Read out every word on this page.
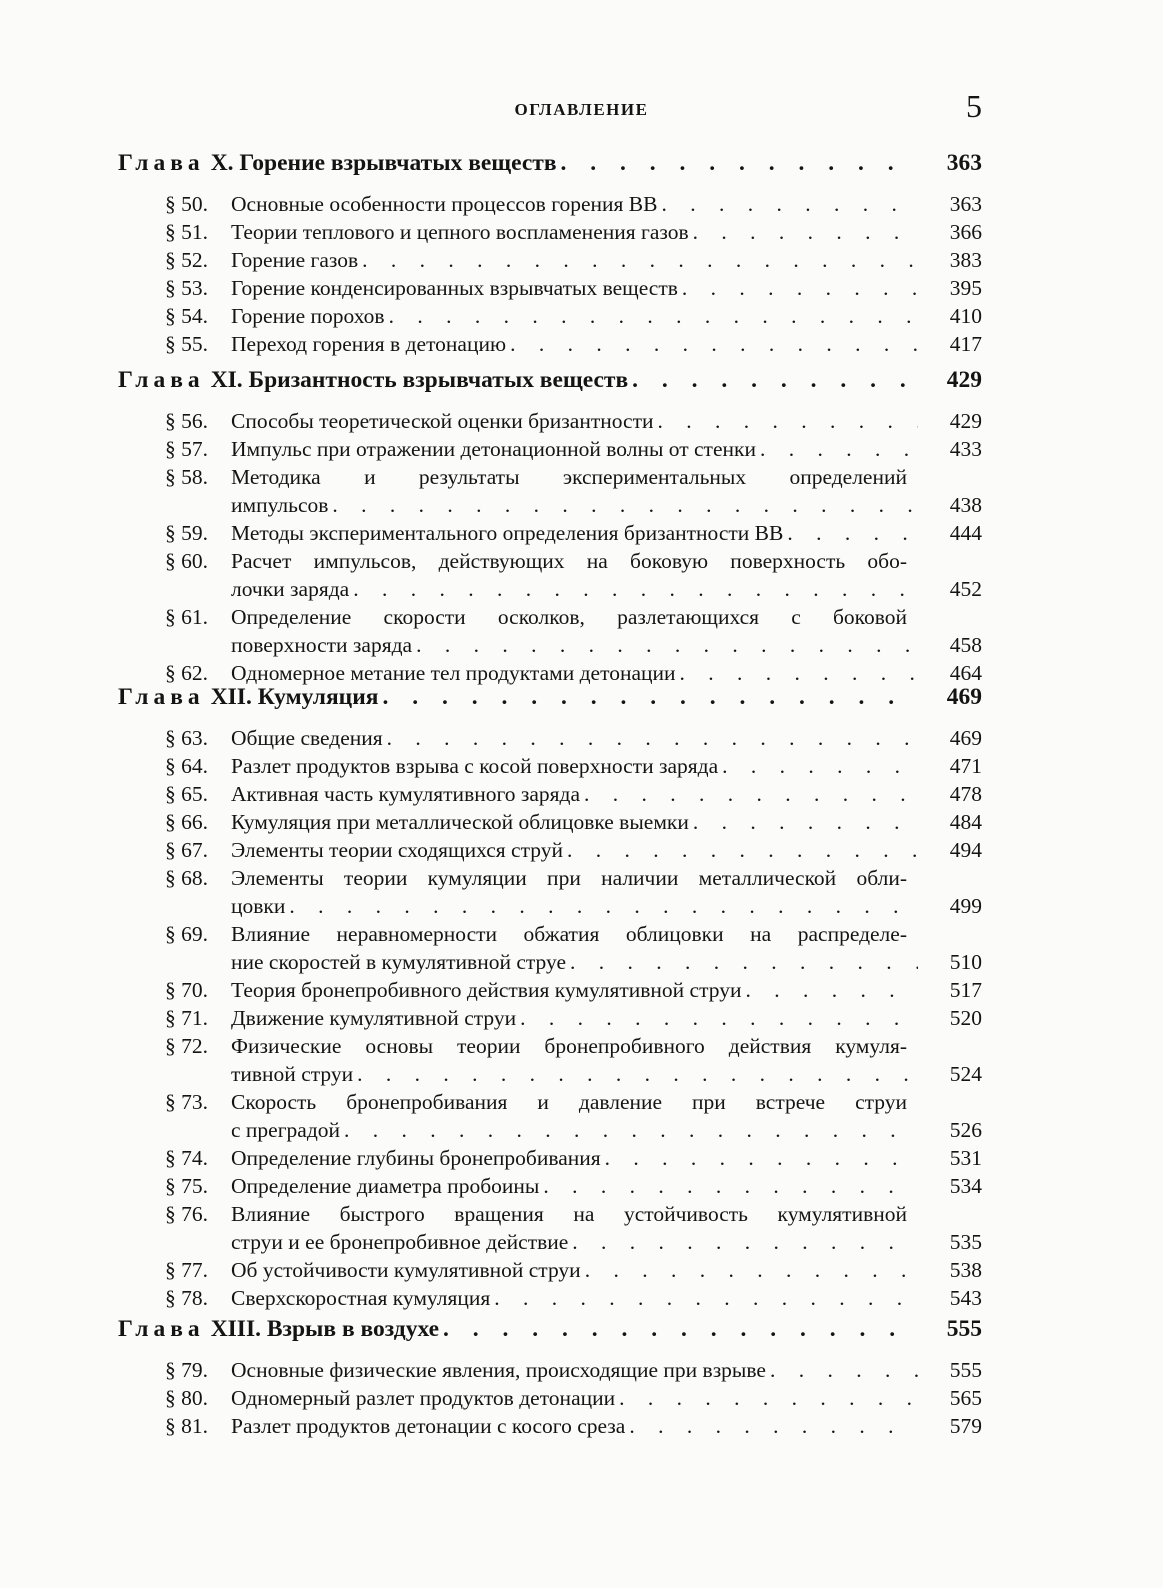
ОГЛАВЛЕНИЕ	5
Глава X. Горение взрывчатых веществ . . .	363
§ 50.	Основные особенности процессов горения ВВ . . .	363
§ 51.	Теории теплового и цепного воспламенения газов . . .	366
§ 52.	Горение газов . . .	383
§ 53.	Горение конденсированных взрывчатых веществ . . .	395
§ 54.	Горение порохов . . .	410
§ 55.	Переход горения в детонацию . . .	417
Глава XI. Бризантность взрывчатых веществ . . .	429
§ 56.	Способы теоретической оценки бризантности . . .	429
§ 57.	Импульс при отражении детонационной волны от стенки . . .	433
§ 58.	Методика и результаты экспериментальных определений
импульсов . . .	438
§ 59.	Методы экспериментального определения бризантности ВВ . . .	444
§ 60.	Расчет импульсов, действующих на боковую поверхность обо-
лочки заряда . . .	452
§ 61.	Определение скорости осколков, разлетающихся с боковой
поверхности заряда . . .	458
§ 62.	Одномерное метание тел продуктами детонации . . .	464
Глава XII. Кумуляция . . .	469
§ 63.	Общие сведения . . .	469
§ 64.	Разлет продуктов взрыва с косой поверхности заряда . . .	471
§ 65.	Активная часть кумулятивного заряда . . .	478
§ 66.	Кумуляция при металлической облицовке выемки . . .	484
§ 67.	Элементы теории сходящихся струй . . .	494
§ 68.	Элементы теории кумуляции при наличии металлической обли-
цовки . . .	499
§ 69.	Влияние неравномерности обжатия облицовки на распределе-
ние скоростей в кумулятивной струе . . .	510
§ 70.	Теория бронепробивного действия кумулятивной струи . . .	517
§ 71.	Движение кумулятивной струи . . .	520
§ 72.	Физические основы теории бронепробивного действия кумуля-
тивной струи . . .	524
§ 73.	Скорость бронепробивания и давление при встрече струи
с преградой . . .	526
§ 74.	Определение глубины бронепробивания . . .	531
§ 75.	Определение диаметра пробоины . . .	534
§ 76.	Влияние быстрого вращения на устойчивость кумулятивной
струи и ее бронепробивное действие . . .	535
§ 77.	Об устойчивости кумулятивной струи . . .	538
§ 78.	Сверхскоростная кумуляция . . .	543
Глава XIII. Взрыв в воздухе . . .	555
§ 79.	Основные физические явления, происходящие при взрыве . . .	555
§ 80.	Одномерный разлет продуктов детонации . . .	565
§ 81.	Разлет продуктов детонации с косого среза . . .	579
